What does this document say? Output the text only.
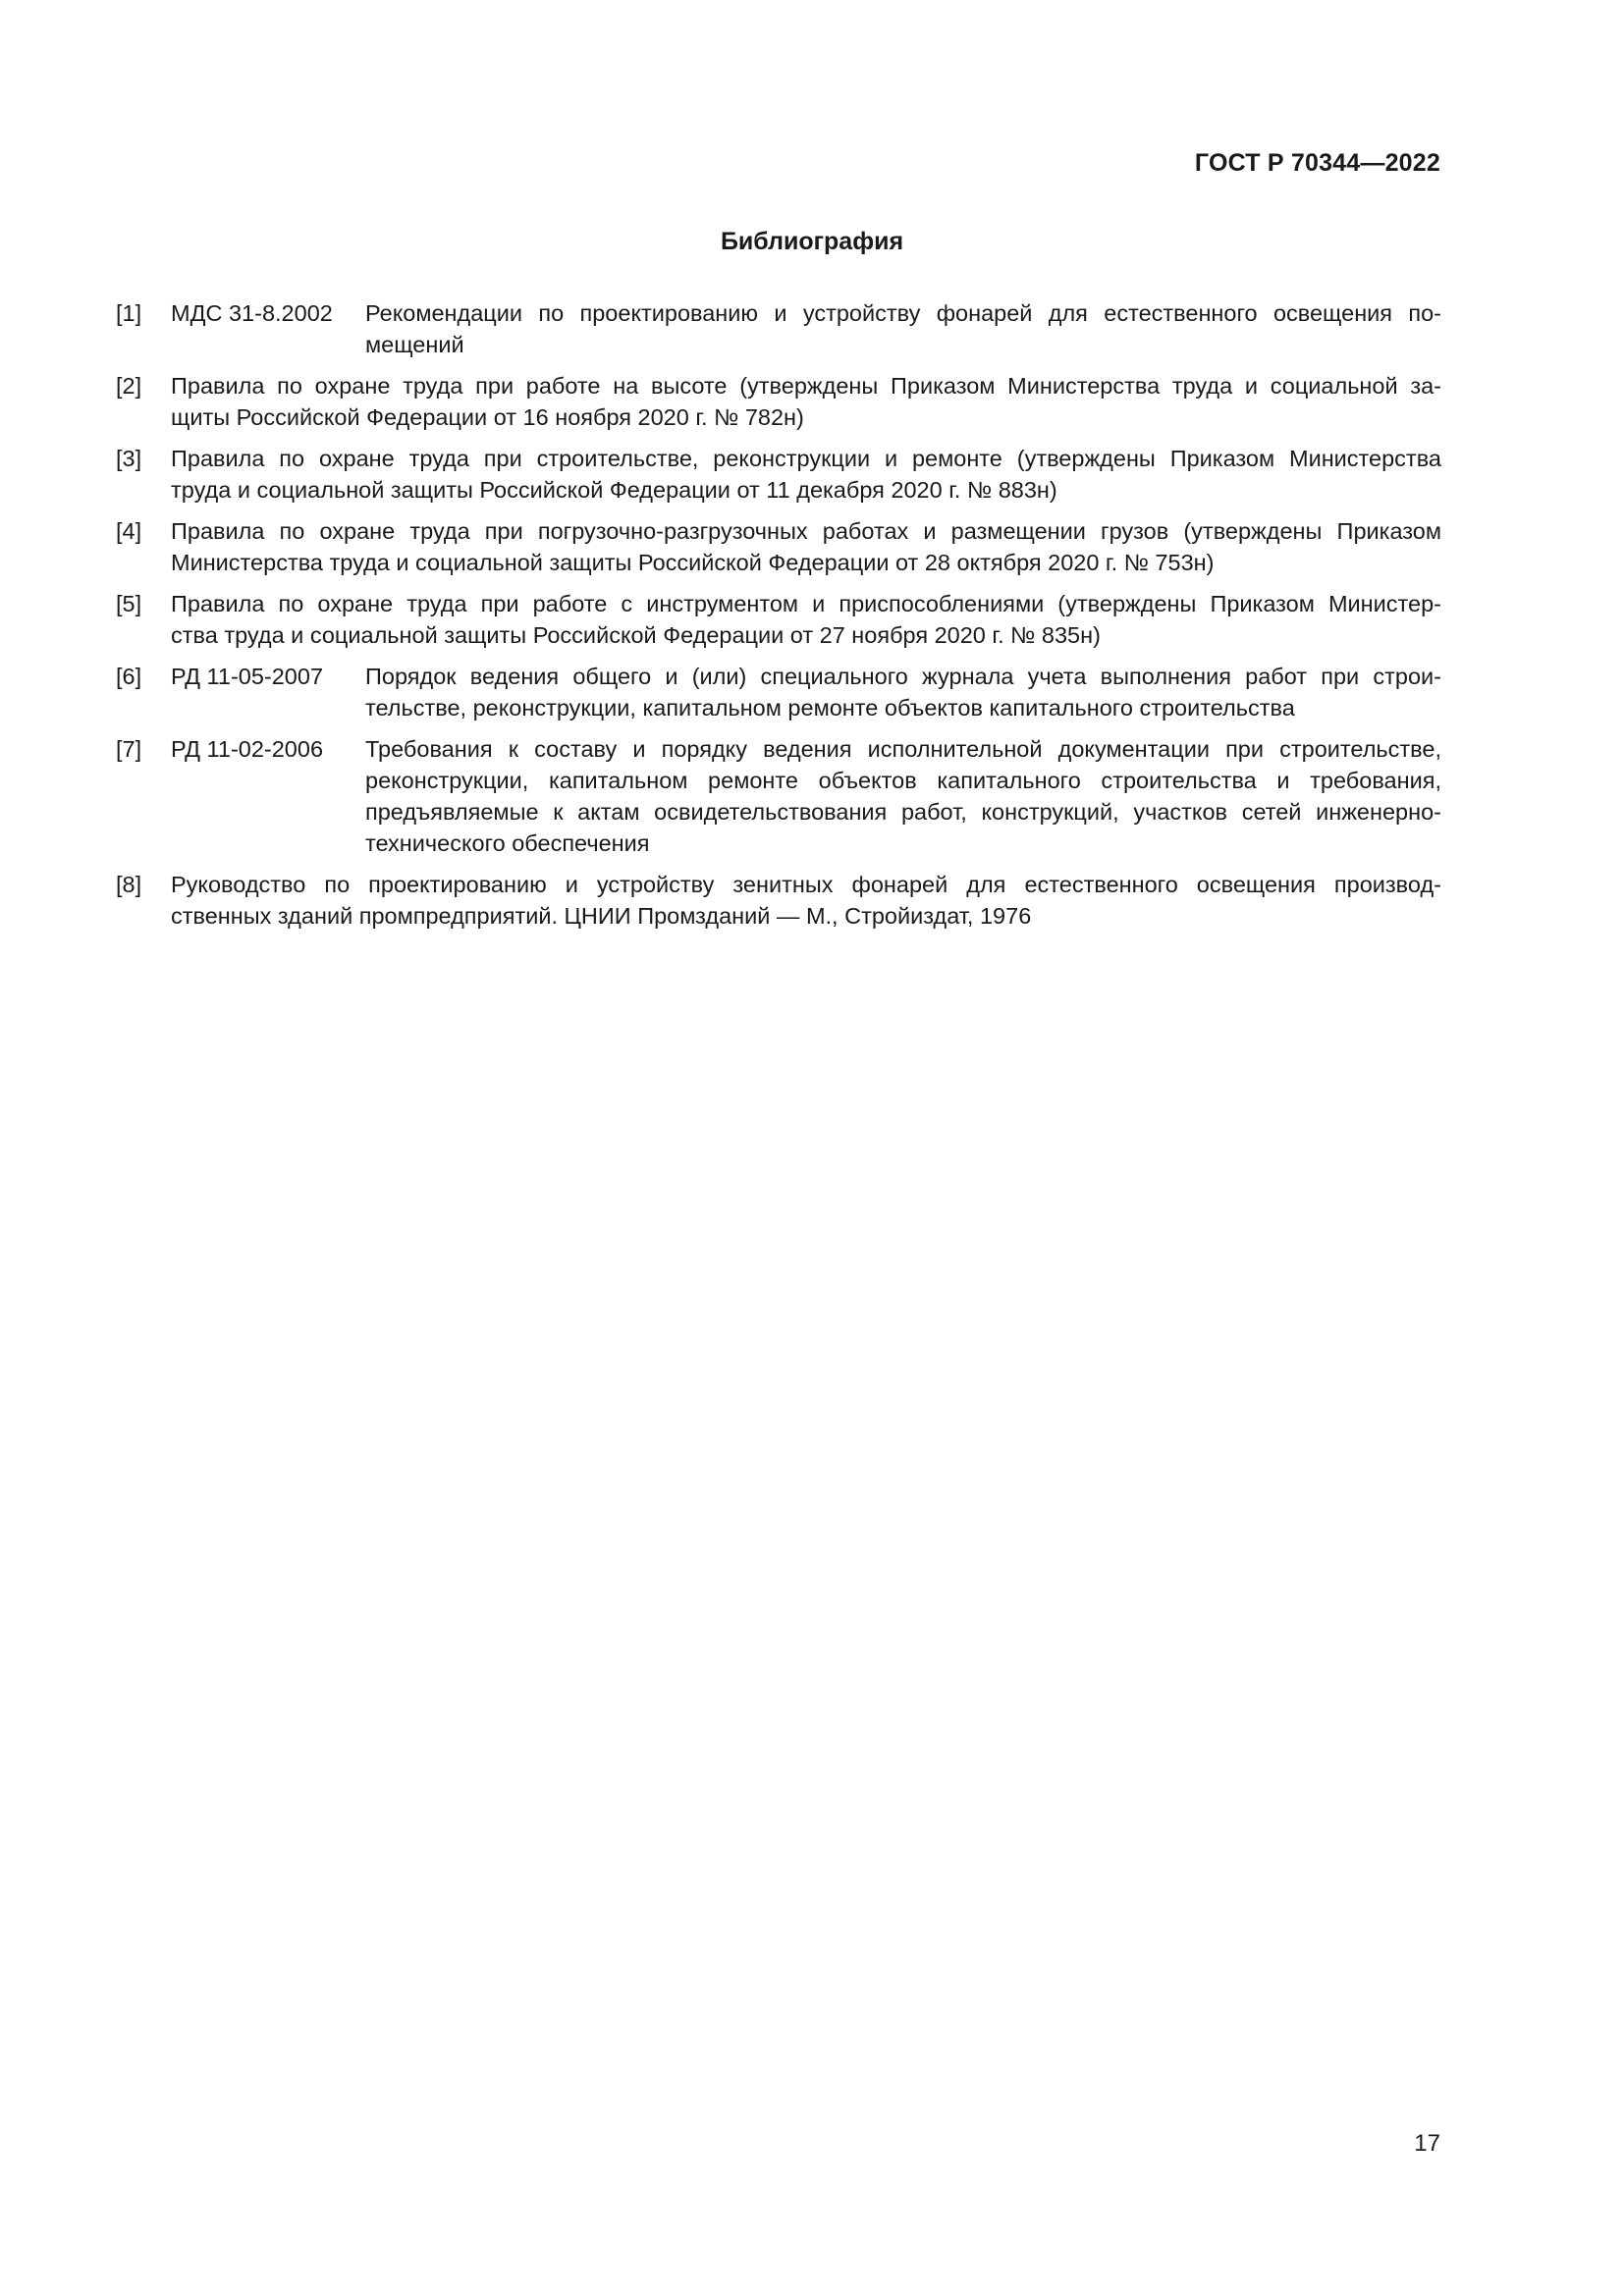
ГОСТ Р 70344—2022
Библиография
[1]	МДС 31-8.2002	Рекомендации по проектированию и устройству фонарей для естественного освещения по-
мещений
[2]	Правила по охране труда при работе на высоте (утверждены Приказом Министерства труда и социальной за-
щиты Российской Федерации от 16 ноября 2020 г. № 782н)
[3]	Правила по охране труда при строительстве, реконструкции и ремонте (утверждены Приказом Министерства
труда и социальной защиты Российской Федерации от 11 декабря 2020 г. № 883н)
[4]	Правила по охране труда при погрузочно-разгрузочных работах и размещении грузов (утверждены Приказом
Министерства труда и социальной защиты Российской Федерации от 28 октября 2020 г. № 753н)
[5]	Правила по охране труда при работе с инструментом и приспособлениями (утверждены Приказом Министер-
ства труда и социальной защиты Российской Федерации от 27 ноября 2020 г. № 835н)
[6]	РД 11-05-2007	Порядок ведения общего и (или) специального журнала учета выполнения работ при строи-
тельстве, реконструкции, капитальном ремонте объектов капитального строительства
[7]	РД 11-02-2006	Требования к составу и порядку ведения исполнительной документации при строительстве,
реконструкции, капитальном ремонте объектов капитального строительства и требования,
предъявляемые к актам освидетельствования работ, конструкций, участков сетей инженерно-
технического обеспечения
[8]	Руководство по проектированию и устройству зенитных фонарей для естественного освещения производ-
ственных зданий промпредприятий. ЦНИИ Промзданий — М., Стройиздат, 1976
17
